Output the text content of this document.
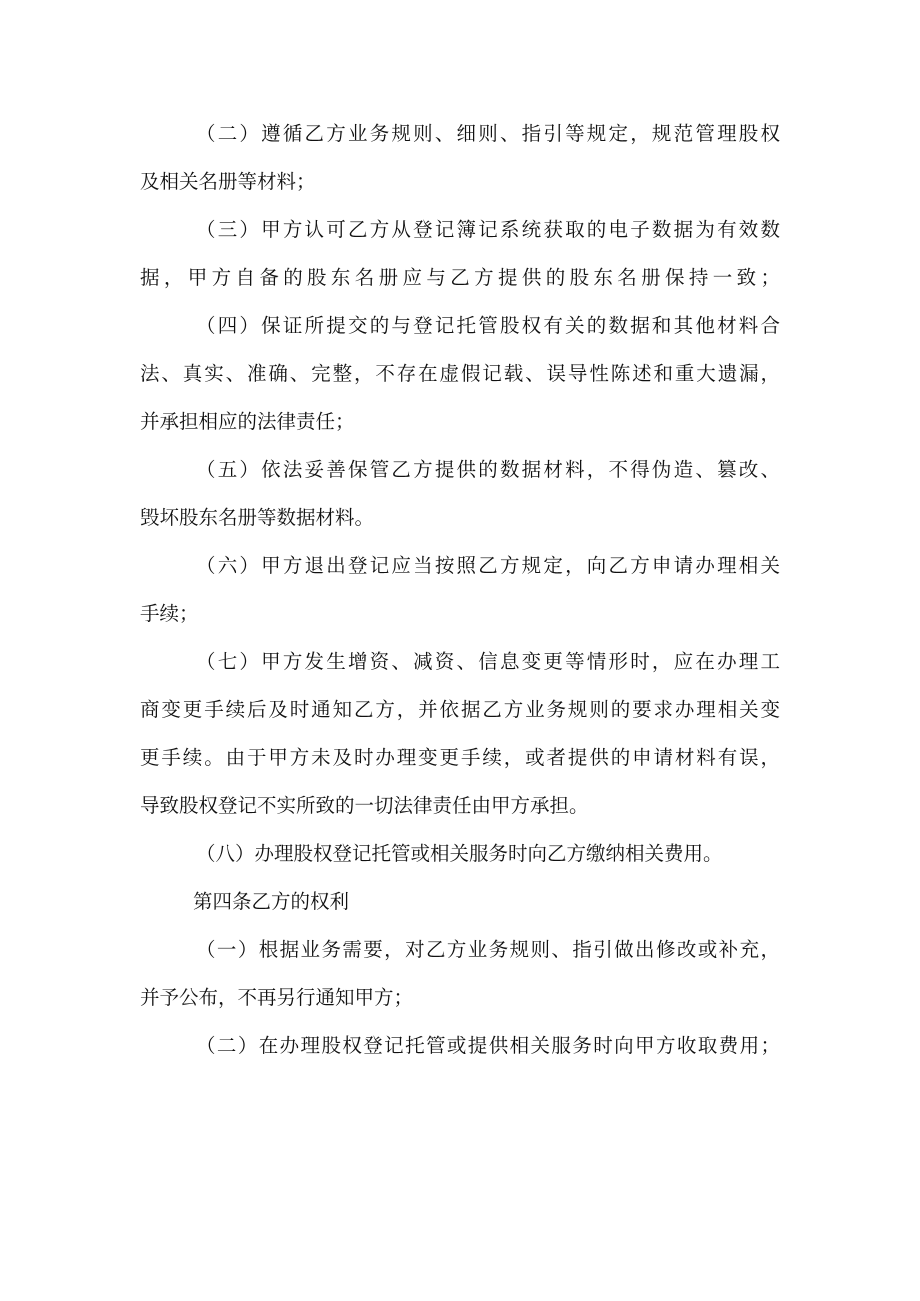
（二）遵循乙方业务规则、细则、指引等规定，规范管理股权
及相关名册等材料；
（三）甲方认可乙方从登记簿记系统获取的电子数据为有效数
据，甲方自备的股东名册应与乙方提供的股东名册保持一致；
（四）保证所提交的与登记托管股权有关的数据和其他材料合
法、真实、准确、完整，不存在虚假记载、误导性陈述和重大遗漏，
并承担相应的法律责任；
（五）依法妥善保管乙方提供的数据材料，不得伪造、篡改、
毁坏股东名册等数据材料。
（六）甲方退出登记应当按照乙方规定，向乙方申请办理相关
手续；
（七）甲方发生增资、减资、信息变更等情形时，应在办理工
商变更手续后及时通知乙方，并依据乙方业务规则的要求办理相关变
更手续。由于甲方未及时办理变更手续，或者提供的申请材料有误，
导致股权登记不实所致的一切法律责任由甲方承担。
（八）办理股权登记托管或相关服务时向乙方缴纳相关费用。
第四条乙方的权利
（一）根据业务需要，对乙方业务规则、指引做出修改或补充，
并予公布，不再另行通知甲方；
（二）在办理股权登记托管或提供相关服务时向甲方收取费用；
